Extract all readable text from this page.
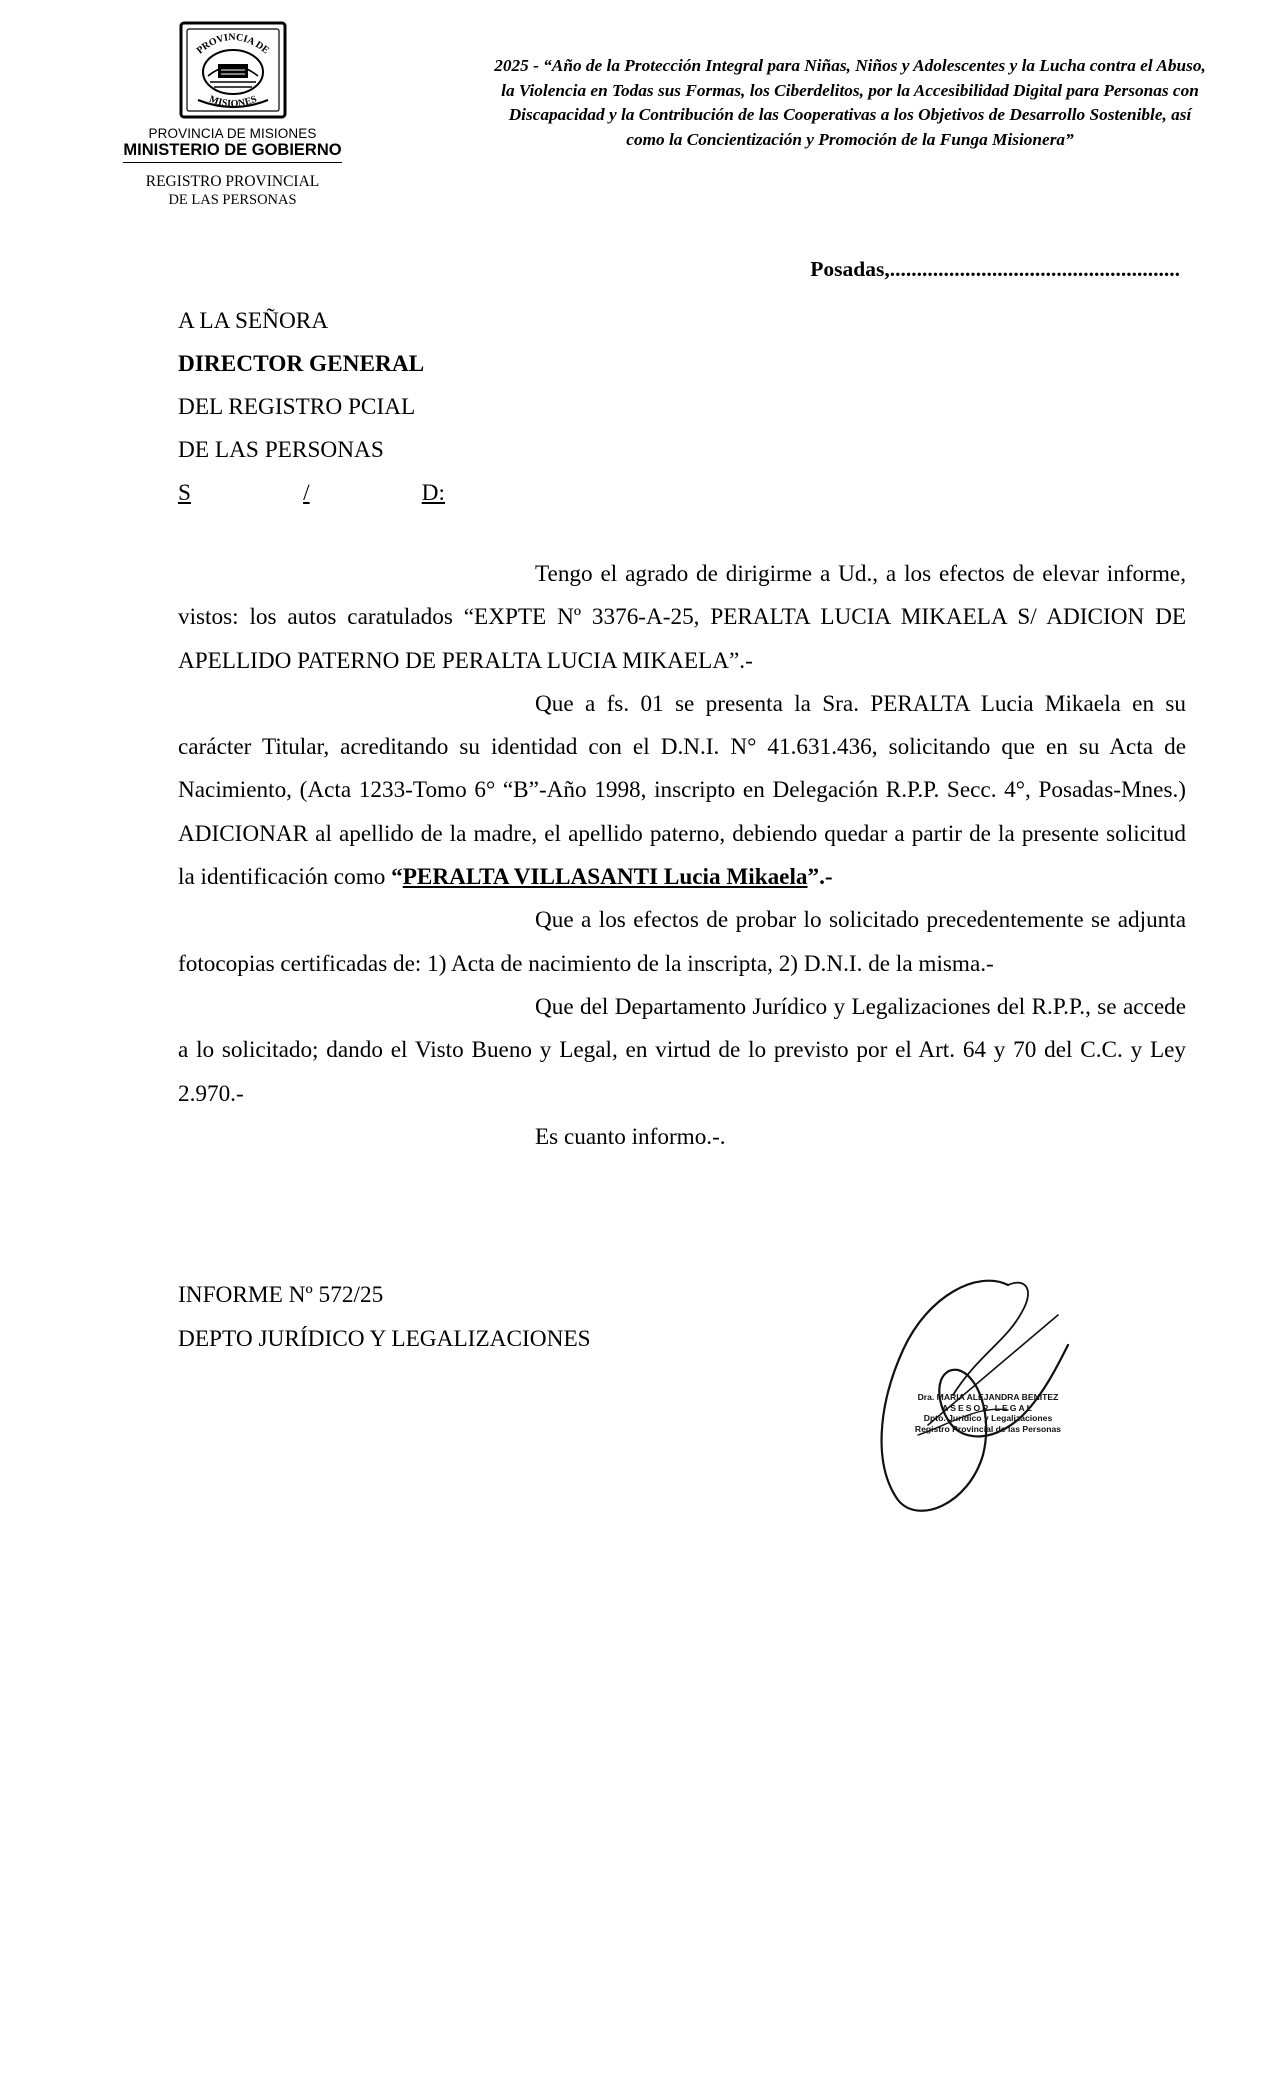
PROVINCIA DE
MISIONES
PROVINCIA DE MISIONES
MINISTERIO DE GOBIERNO
REGISTRO PROVINCIAL
DE LAS PERSONAS
2025 - “Año de la Protección Integral para Niñas, Niños y Adolescentes y la Lucha contra el Abuso, la Violencia en Todas sus Formas, los Ciberdelitos, por la Accesibilidad Digital para Personas con Discapacidad y la Contribución de las Cooperativas a los Objetivos de Desarrollo Sostenible, así como la Concientización y Promoción de la Funga Misionera”
Posadas,......................................................
A LA SEÑORA
DIRECTOR GENERAL
DEL REGISTRO PCIAL
DE LAS PERSONAS
S	/	D:

Tengo el agrado de dirigirme a Ud., a los efectos de elevar informe, vistos: los autos caratulados “EXPTE Nº 3376-A-25, PERALTA LUCIA MIKAELA S/ ADICION DE APELLIDO PATERNO DE PERALTA LUCIA MIKAELA”.-

Que a fs. 01 se presenta la Sra. PERALTA Lucia Mikaela en su carácter Titular, acreditando su identidad con el D.N.I. N° 41.631.436, solicitando que en su Acta de Nacimiento, (Acta 1233-Tomo 6° “B”-Año 1998, inscripto en Delegación R.P.P. Secc. 4°, Posadas-Mnes.) ADICIONAR al apellido de la madre, el apellido paterno, debiendo quedar a partir de la presente solicitud la identificación como “PERALTA VILLASANTI Lucia Mikaela”.-

Que a los efectos de probar lo solicitado precedentemente se adjunta fotocopias certificadas de: 1) Acta de nacimiento de la inscripta, 2) D.N.I. de la misma.-

Que del Departamento Jurídico y Legalizaciones del R.P.P., se accede a lo solicitado; dando el Visto Bueno y Legal, en virtud de lo previsto por el Art. 64 y 70 del C.C. y Ley 2.970.-

Es cuanto informo.-.

INFORME Nº 572/25
DEPTO JURÍDICO Y LEGALIZACIONES
Dra. MARIA ALEJANDRA BENITEZ
ASESOR LEGAL
Dpto. Jurídico y Legalizaciones
Registro Provincial de las Personas
